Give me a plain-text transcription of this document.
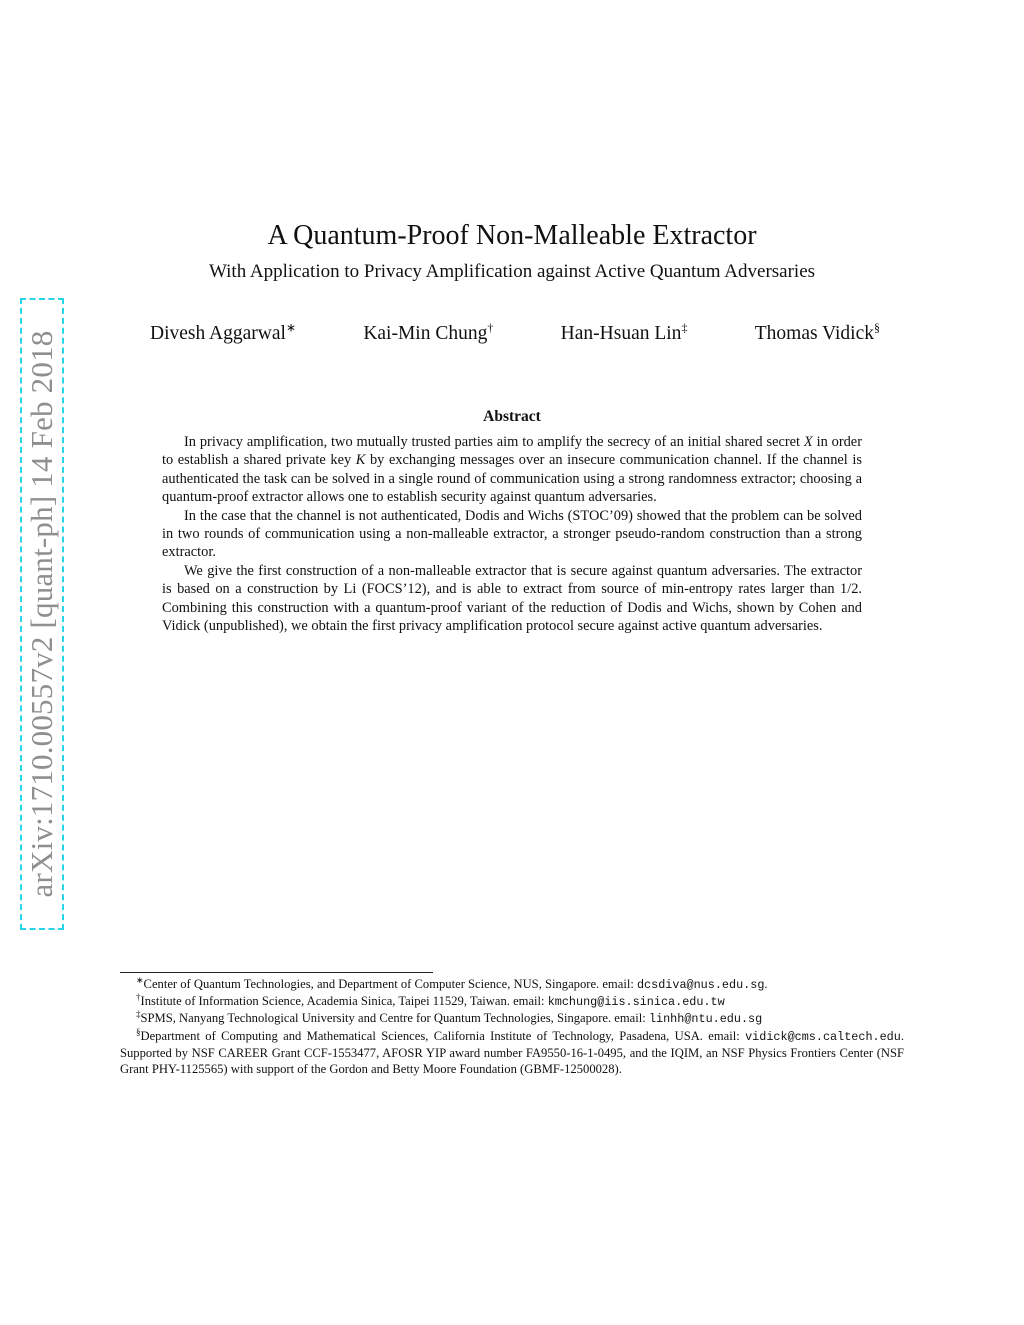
arXiv:1710.00557v2 [quant-ph] 14 Feb 2018
A Quantum-Proof Non-Malleable Extractor
With Application to Privacy Amplification against Active Quantum Adversaries
Divesh Aggarwal∗	Kai-Min Chung†	Han-Hsuan Lin‡	Thomas Vidick§
Abstract

In privacy amplification, two mutually trusted parties aim to amplify the secrecy of an initial shared secret X in order to establish a shared private key K by exchanging messages over an insecure communication channel. If the channel is authenticated the task can be solved in a single round of communication using a strong randomness extractor; choosing a quantum-proof extractor allows one to establish security against quantum adversaries.

In the case that the channel is not authenticated, Dodis and Wichs (STOC’09) showed that the problem can be solved in two rounds of communication using a non-malleable extractor, a stronger pseudo-random construction than a strong extractor.

We give the first construction of a non-malleable extractor that is secure against quantum adversaries. The extractor is based on a construction by Li (FOCS’12), and is able to extract from source of min-entropy rates larger than 1/2. Combining this construction with a quantum-proof variant of the reduction of Dodis and Wichs, shown by Cohen and Vidick (unpublished), we obtain the first privacy amplification protocol secure against active quantum adversaries.

∗Center of Quantum Technologies, and Department of Computer Science, NUS, Singapore. email: dcsdiva@nus.edu.sg.

†Institute of Information Science, Academia Sinica, Taipei 11529, Taiwan. email: kmchung@iis.sinica.edu.tw

‡SPMS, Nanyang Technological University and Centre for Quantum Technologies, Singapore. email: linhh@ntu.edu.sg

§Department of Computing and Mathematical Sciences, California Institute of Technology, Pasadena, USA. email: vidick@cms.caltech.edu. Supported by NSF CAREER Grant CCF-1553477, AFOSR YIP award number FA9550-16-1-0495, and the IQIM, an NSF Physics Frontiers Center (NSF Grant PHY-1125565) with support of the Gordon and Betty Moore Foundation (GBMF-12500028).
